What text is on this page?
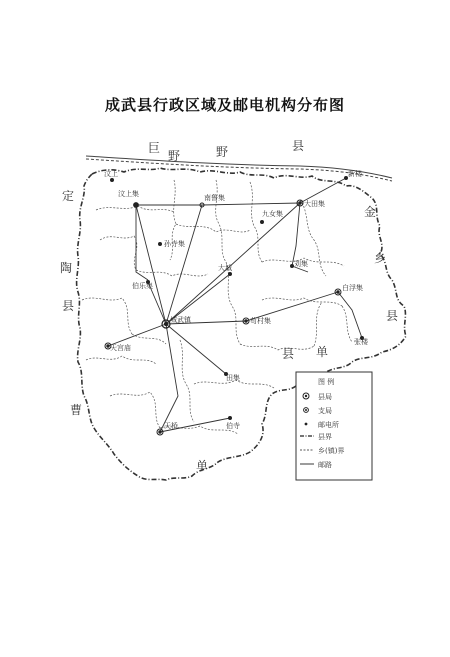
成武县行政区域及邮电机构分布图
城武镇
南鲁集
大田集
汶上集
孙寺集
苟村集
伯乐集
九女集
大城
白浮集
天宫庙
田集
天桥	伯寺
张楼
刘集
汶上	新楼
巨
野	野	县
定
陶
县
金
乡
县
县 单
单
曹
图 例
县局
支局
邮电所
县界
乡(镇)界
邮路
